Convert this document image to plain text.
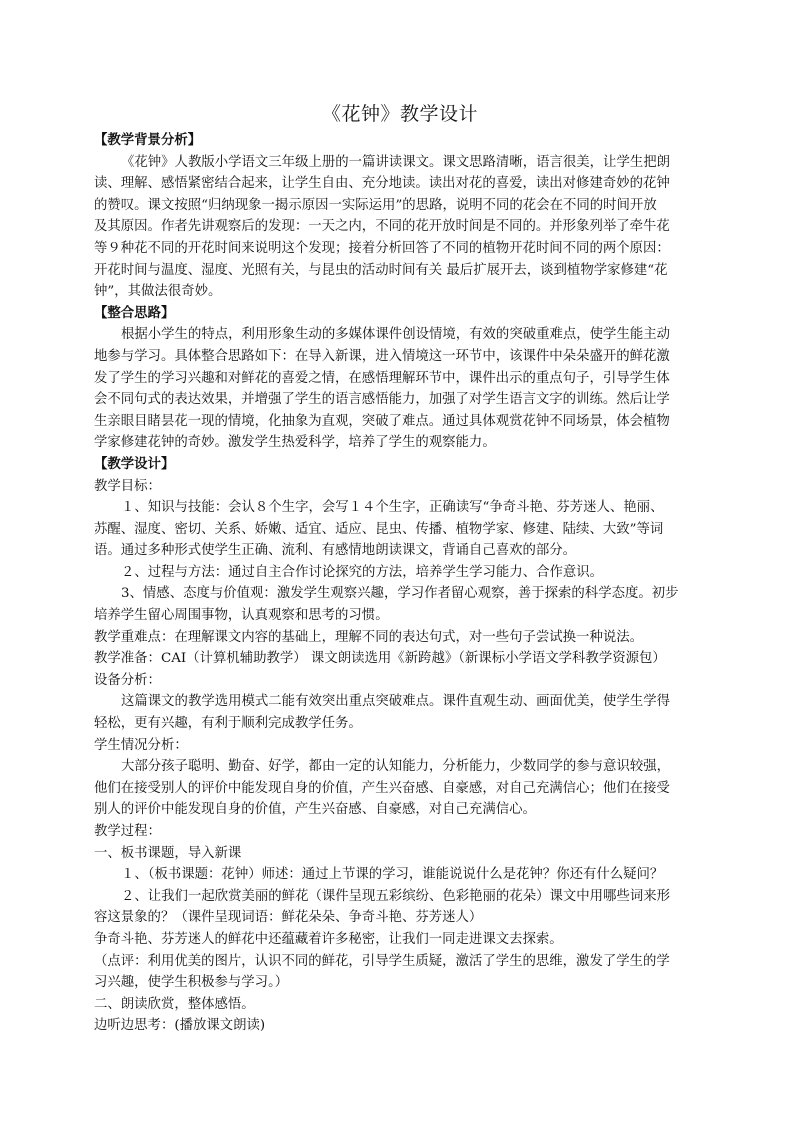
《花钟》教学设计

【教学背景分析】

《花钟》人教版小学语文三年级上册的一篇讲读课文。课文思路清晰，语言很美，让学生把朗

读、理解、感悟紧密结合起来，让学生自由、充分地读。读出对花的喜爱，读出对修建奇妙的花钟

的赞叹。课文按照“归纳现象一揭示原因一实际运用”的思路，说明不同的花会在不同的时间开放

及其原因。作者先讲观察后的发现：一天之内，不同的花开放时间是不同的。并形象列举了牵牛花

等９种花不同的开花时间来说明这个发现；接着分析回答了不同的植物开花时间不同的两个原因：

开花时间与温度、湿度、光照有关，与昆虫的活动时间有关 最后扩展开去，谈到植物学家修建“花

钟”，其做法很奇妙。

【整合思路】

根据小学生的特点，利用形象生动的多媒体课件创设情境，有效的突破重难点，使学生能主动

地参与学习。具体整合思路如下：在导入新课，进入情境这一环节中，该课件中朵朵盛开的鲜花激

发了学生的学习兴趣和对鲜花的喜爱之情，在感悟理解环节中，课件出示的重点句子，引导学生体

会不同句式的表达效果，并增强了学生的语言感悟能力，加强了对学生语言文字的训练。然后让学

生亲眼目睹昙花一现的情境，化抽象为直观，突破了难点。通过具体观赏花钟不同场景，体会植物

学家修建花钟的奇妙。激发学生热爱科学，培养了学生的观察能力。

【教学设计】

教学目标：

１、知识与技能：会认８个生字，会写１４个生字，正确读写“争奇斗艳、芬芳迷人、艳丽、

苏醒、湿度、密切、关系、娇嫩、适宜、适应、昆虫、传播、植物学家、修建、陆续、大致”等词

语。通过多种形式使学生正确、流利、有感情地朗读课文，背诵自己喜欢的部分。

２、过程与方法：通过自主合作讨论探究的方法，培养学生学习能力、合作意识。

3、情感、态度与价值观：激发学生观察兴趣，学习作者留心观察，善于探索的科学态度。初步

培养学生留心周围事物，认真观察和思考的习惯。

教学重难点：在理解课文内容的基础上，理解不同的表达句式，对一些句子尝试换一种说法。

教学准备：CAI（计算机辅助教学） 课文朗读选用《新跨越》（新课标小学语文学科教学资源包）

设备分析：

这篇课文的教学选用模式二能有效突出重点突破难点。课件直观生动、画面优美，使学生学得

轻松，更有兴趣，有利于顺利完成教学任务。

学生情况分析：

大部分孩子聪明、勤奋、好学，都由一定的认知能力，分析能力，少数同学的参与意识较强，

他们在接受别人的评价中能发现自身的价值，产生兴奋感、自豪感，对自己充满信心；他们在接受

别人的评价中能发现自身的价值，产生兴奋感、自豪感，对自己充满信心。

教学过程：

一、板书课题，导入新课

１、（板书课题：花钟）师述：通过上节课的学习，谁能说说什么是花钟？你还有什么疑问？

２、让我们一起欣赏美丽的鲜花（课件呈现五彩缤纷、色彩艳丽的花朵）课文中用哪些词来形

容这景象的？（课件呈现词语：鲜花朵朵、争奇斗艳、芬芳迷人）

争奇斗艳、芬芳迷人的鲜花中还蕴藏着许多秘密，让我们一同走进课文去探索。

（点评：利用优美的图片，认识不同的鲜花，引导学生质疑，激活了学生的思维，激发了学生的学

习兴趣，使学生积极参与学习。）

二、朗读欣赏，整体感悟。

边听边思考：(播放课文朗读)
